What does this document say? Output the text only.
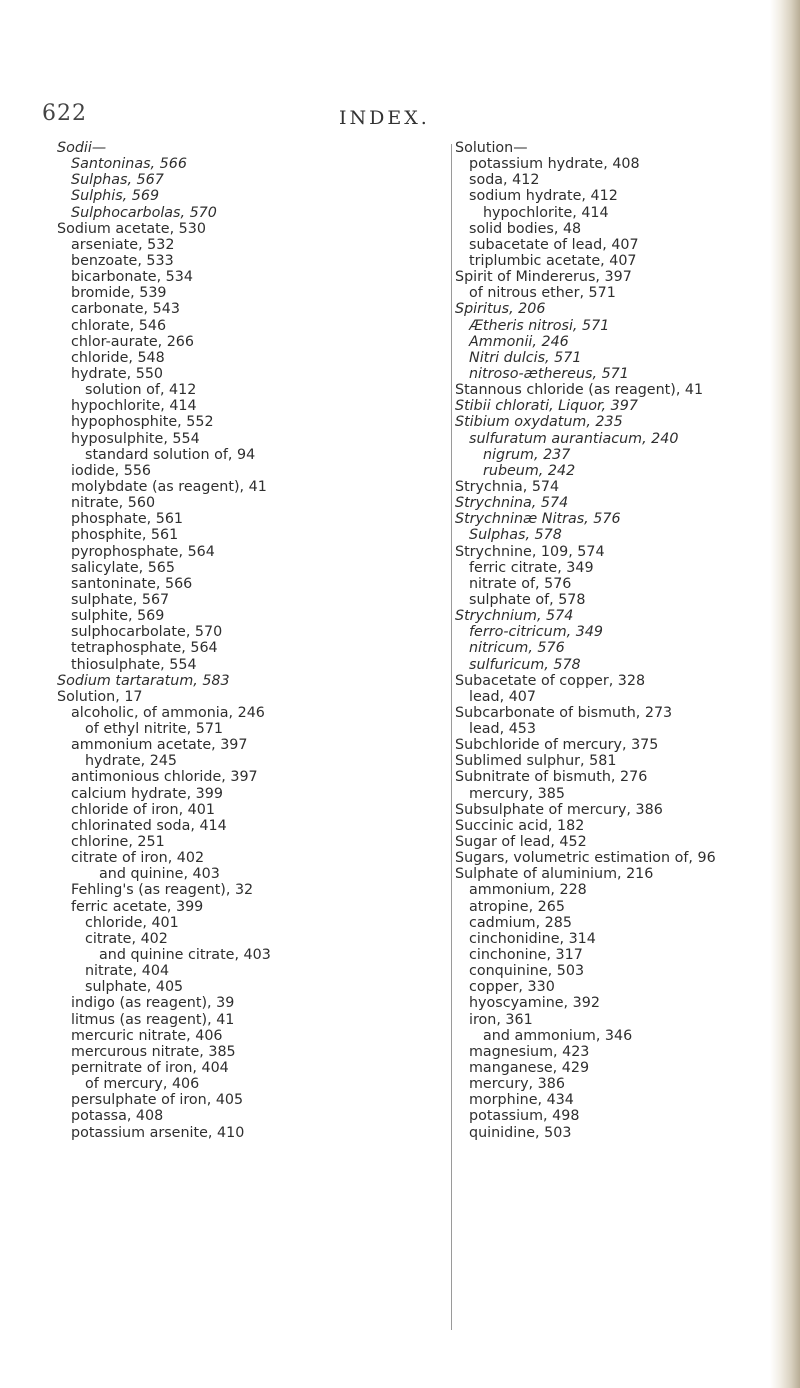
622	INDEX.
Sodii—
Santoninas, 566
Sulphas, 567
Sulphis, 569
Sulphocarbolas, 570
Sodium acetate, 530
arseniate, 532
benzoate, 533
bicarbonate, 534
bromide, 539
carbonate, 543
chlorate, 546
chlor-aurate, 266
chloride, 548
hydrate, 550
solution of, 412
hypochlorite, 414
hypophosphite, 552
hyposulphite, 554
standard solution of, 94
iodide, 556
molybdate (as reagent), 41
nitrate, 560
phosphate, 561
phosphite, 561
pyrophosphate, 564
salicylate, 565
santoninate, 566
sulphate, 567
sulphite, 569
sulphocarbolate, 570
tetraphosphate, 564
thiosulphate, 554
Sodium tartaratum, 583
Solution, 17
alcoholic, of ammonia, 246
of ethyl nitrite, 571
ammonium acetate, 397
hydrate, 245
antimonious chloride, 397
calcium hydrate, 399
chloride of iron, 401
chlorinated soda, 414
chlorine, 251
citrate of iron, 402
and quinine, 403
Fehling's (as reagent), 32
ferric acetate, 399
chloride, 401
citrate, 402
and quinine citrate, 403
nitrate, 404
sulphate, 405
indigo (as reagent), 39
litmus (as reagent), 41
mercuric nitrate, 406
mercurous nitrate, 385
pernitrate of iron, 404
of mercury, 406
persulphate of iron, 405
potassa, 408
potassium arsenite, 410
Solution—
potassium hydrate, 408
soda, 412
sodium hydrate, 412
hypochlorite, 414
solid bodies, 48
subacetate of lead, 407
triplumbic acetate, 407
Spirit of Mindererus, 397
of nitrous ether, 571
Spiritus, 206
Ætheris nitrosi, 571
Ammonii, 246
Nitri dulcis, 571
nitroso-æthereus, 571
Stannous chloride (as reagent), 41
Stibii chlorati, Liquor, 397
Stibium oxydatum, 235
sulfuratum aurantiacum, 240
nigrum, 237
rubeum, 242
Strychnia, 574
Strychnina, 574
Strychninæ Nitras, 576
Sulphas, 578
Strychnine, 109, 574
ferric citrate, 349
nitrate of, 576
sulphate of, 578
Strychnium, 574
ferro-citricum, 349
nitricum, 576
sulfuricum, 578
Subacetate of copper, 328
lead, 407
Subcarbonate of bismuth, 273
lead, 453
Subchloride of mercury, 375
Sublimed sulphur, 581
Subnitrate of bismuth, 276
mercury, 385
Subsulphate of mercury, 386
Succinic acid, 182
Sugar of lead, 452
Sugars, volumetric estimation of, 96
Sulphate of aluminium, 216
ammonium, 228
atropine, 265
cadmium, 285
cinchonidine, 314
cinchonine, 317
conquinine, 503
copper, 330
hyoscyamine, 392
iron, 361
and ammonium, 346
magnesium, 423
manganese, 429
mercury, 386
morphine, 434
potassium, 498
quinidine, 503
